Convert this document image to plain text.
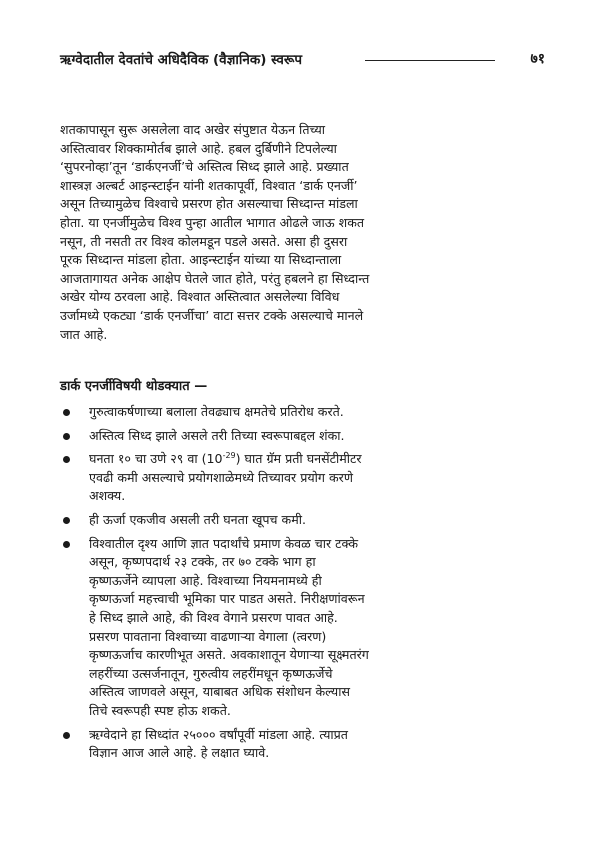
ऋग्वेदातील देवतांचे अधिदैविक (वैज्ञानिक) स्वरूप	७१

शतकापासून सुरू असलेला वाद अखेर संपुष्टात येऊन तिच्या
अस्तित्वावर शिक्कामोर्तब झाले आहे. हबल दुर्बिणीने टिपलेल्या
‘सुपरनोव्हा’तून ‘डार्कएनर्जी’चे अस्तित्व सिध्द झाले आहे. प्रख्यात
शास्त्रज्ञ अल्बर्ट आइन्स्टाईन यांनी शतकापूर्वी, विश्वात ‘डार्क एनर्जी’
असून तिच्यामुळेच विश्वाचे प्रसरण होत असल्याचा सिध्दान्त मांडला
होता. या एनर्जीमुळेच विश्व पुन्हा आतील भागात ओढले जाऊ शकत
नसून, ती नसती तर विश्व कोलमडून पडले असते. असा ही दुसरा
पूरक सिध्दान्त मांडला होता. आइन्स्टाईन यांच्या या सिध्दान्ताला
आजतागायत अनेक आक्षेप घेतले जात होते, परंतु हबलने हा सिध्दान्त
अखेर योग्य ठरवला आहे. विश्वात अस्तित्वात असलेल्या विविध
उर्जामध्ये एकट्या ‘डार्क एनर्जीचा’ वाटा सत्तर टक्के असल्याचे मानले
जात आहे.

डार्क एनर्जीविषयी थोडक्यात —
गुरुत्वाकर्षणाच्या बलाला तेवढ्याच क्षमतेचे प्रतिरोध करते.
अस्तित्व सिध्द झाले असले तरी तिच्या स्वरूपाबद्दल शंका.
घनता १० चा उणे २९ वा $(10^{-29})$ घात ग्रॅम प्रती घनसेंटीमीटर
एवढी कमी असल्याचे प्रयोगशाळेमध्ये तिच्यावर प्रयोग करणे
अशक्य.
ही ऊर्जा एकजीव असली तरी घनता खूपच कमी.
विश्वातील दृश्य आणि ज्ञात पदार्थांचे प्रमाण केवळ चार टक्के
असून, कृष्णपदार्थ २३ टक्के, तर ७० टक्के भाग हा
कृष्णऊर्जेने व्यापला आहे. विश्वाच्या नियमनामध्ये ही
कृष्णऊर्जा महत्त्वाची भूमिका पार पाडत असते. निरीक्षणांवरून
हे सिध्द झाले आहे, की विश्व वेगाने प्रसरण पावत आहे.
प्रसरण पावताना विश्वाच्या वाढणाऱ्या वेगाला (त्वरण)
कृष्णऊर्जाच कारणीभूत असते. अवकाशातून येणाऱ्या सूक्ष्मतरंग
लहरींच्या उत्सर्जनातून, गुरुत्वीय लहरींमधून कृष्णऊर्जेचे
अस्तित्व जाणवले असून, याबाबत अधिक संशोधन केल्यास
तिचे स्वरूपही स्पष्ट होऊ शकते.
ऋग्वेदाने हा सिध्दांत २५००० वर्षांपूर्वी मांडला आहे. त्याप्रत
विज्ञान आज आले आहे. हे लक्षात घ्यावे.
